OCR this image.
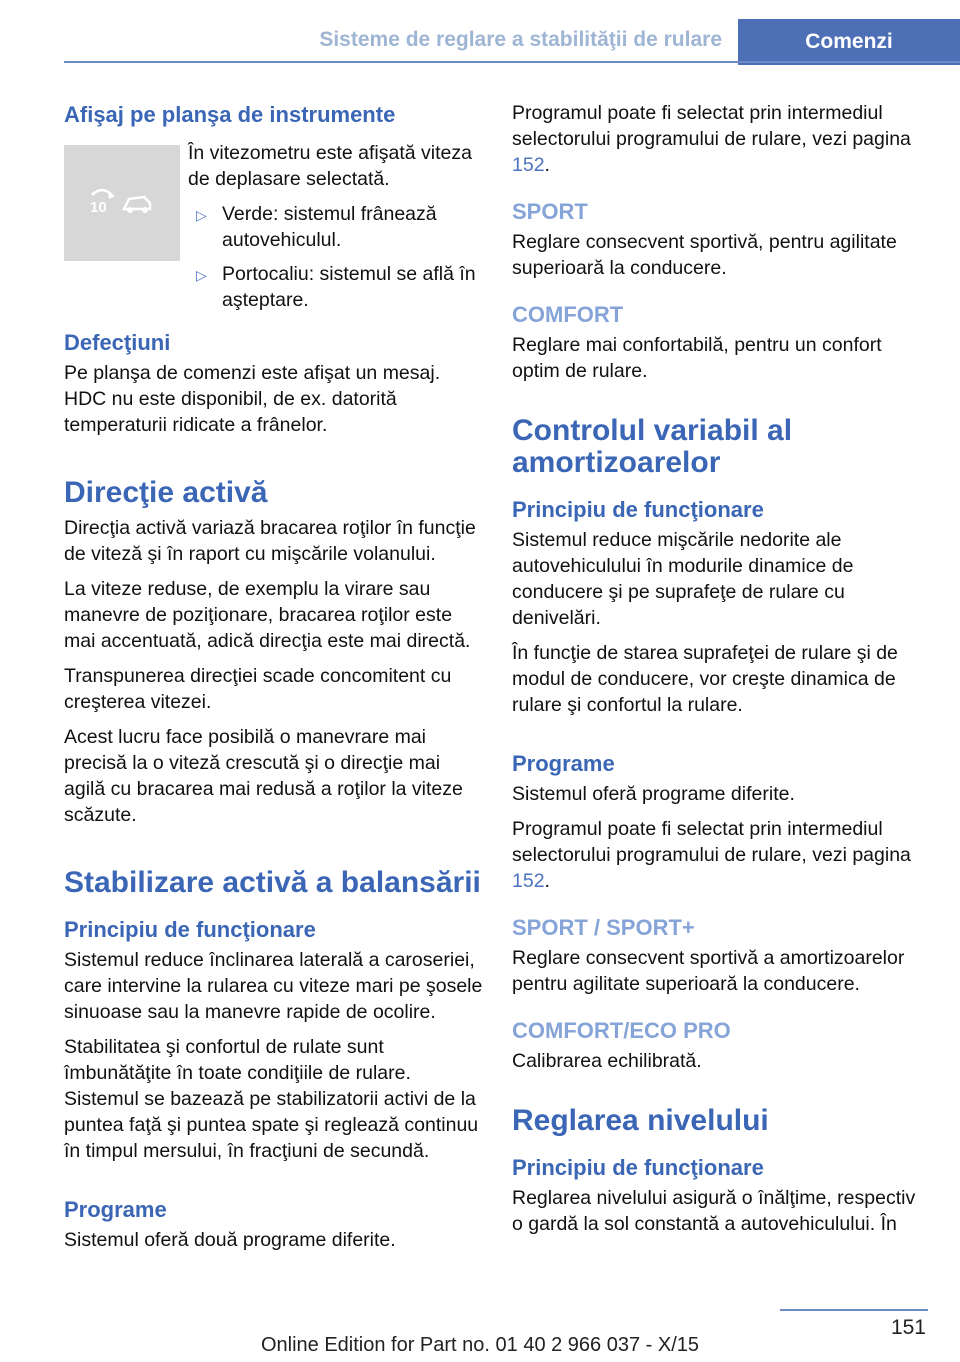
Sisteme de reglare a stabilităţii de rulare	Comenzi
Afişaj pe planşa de instrumente
10

În vitezometru este afişată viteza de deplasare selectată.

▷ Verde: sistemul frânează autovehiculul.
▷ Portocaliu: sistemul se află în aşteptare.
Defecţiuni

Pe planşa de comenzi este afişat un mesaj. HDC nu este disponibil, de ex. datorită temperaturii ridicate a frânelor.

Direcţie activă

Direcţia activă variază bracarea roţilor în funcţie de viteză şi în raport cu mişcările volanului.

La viteze reduse, de exemplu la virare sau manevre de poziţionare, bracarea roţilor este mai accentuată, adică direcţia este mai directă.

Transpunerea direcţiei scade concomitent cu creşterea vitezei.

Acest lucru face posibilă o manevrare mai precisă la o viteză crescută şi o direcţie mai agilă cu bracarea mai redusă a roţilor la viteze scăzute.

Stabilizare activă a balansării
Principiu de funcţionare

Sistemul reduce înclinarea laterală a caroseriei, care intervine la rularea cu viteze mari pe şosele sinuoase sau la manevre rapide de ocolire.

Stabilitatea şi confortul de rulate sunt îmbunătăţite în toate condiţiile de rulare. Sistemul se bazează pe stabilizatorii activi de la puntea faţă şi puntea spate şi reglează continuu în timpul mersului, în fracţiuni de secundă.

Programe

Sistemul oferă două programe diferite.

Programul poate fi selectat prin intermediul selectorului programului de rulare, vezi pagina 152.

SPORT

Reglare consecvent sportivă, pentru agilitate superioară la conducere.

COMFORT

Reglare mai confortabilă, pentru un confort optim de rulare.

Controlul variabil al amortizoarelor
Principiu de funcţionare

Sistemul reduce mişcările nedorite ale autovehiculului în modurile dinamice de conducere şi pe suprafeţe de rulare cu denivelări.

În funcţie de starea suprafeţei de rulare şi de modul de conducere, vor creşte dinamica de rulare şi confortul la rulare.

Programe

Sistemul oferă programe diferite.

Programul poate fi selectat prin intermediul selectorului programului de rulare, vezi pagina 152.

SPORT / SPORT+

Reglare consecvent sportivă a amortizoarelor pentru agilitate superioară la conducere.

COMFORT/ECO PRO

Calibrarea echilibrată.

Reglarea nivelului
Principiu de funcţionare

Reglarea nivelului asigură o înălţime, respectiv o gardă la sol constantă a autovehiculului. În

151
Online Edition for Part no. 01 40 2 966 037 - X/15
